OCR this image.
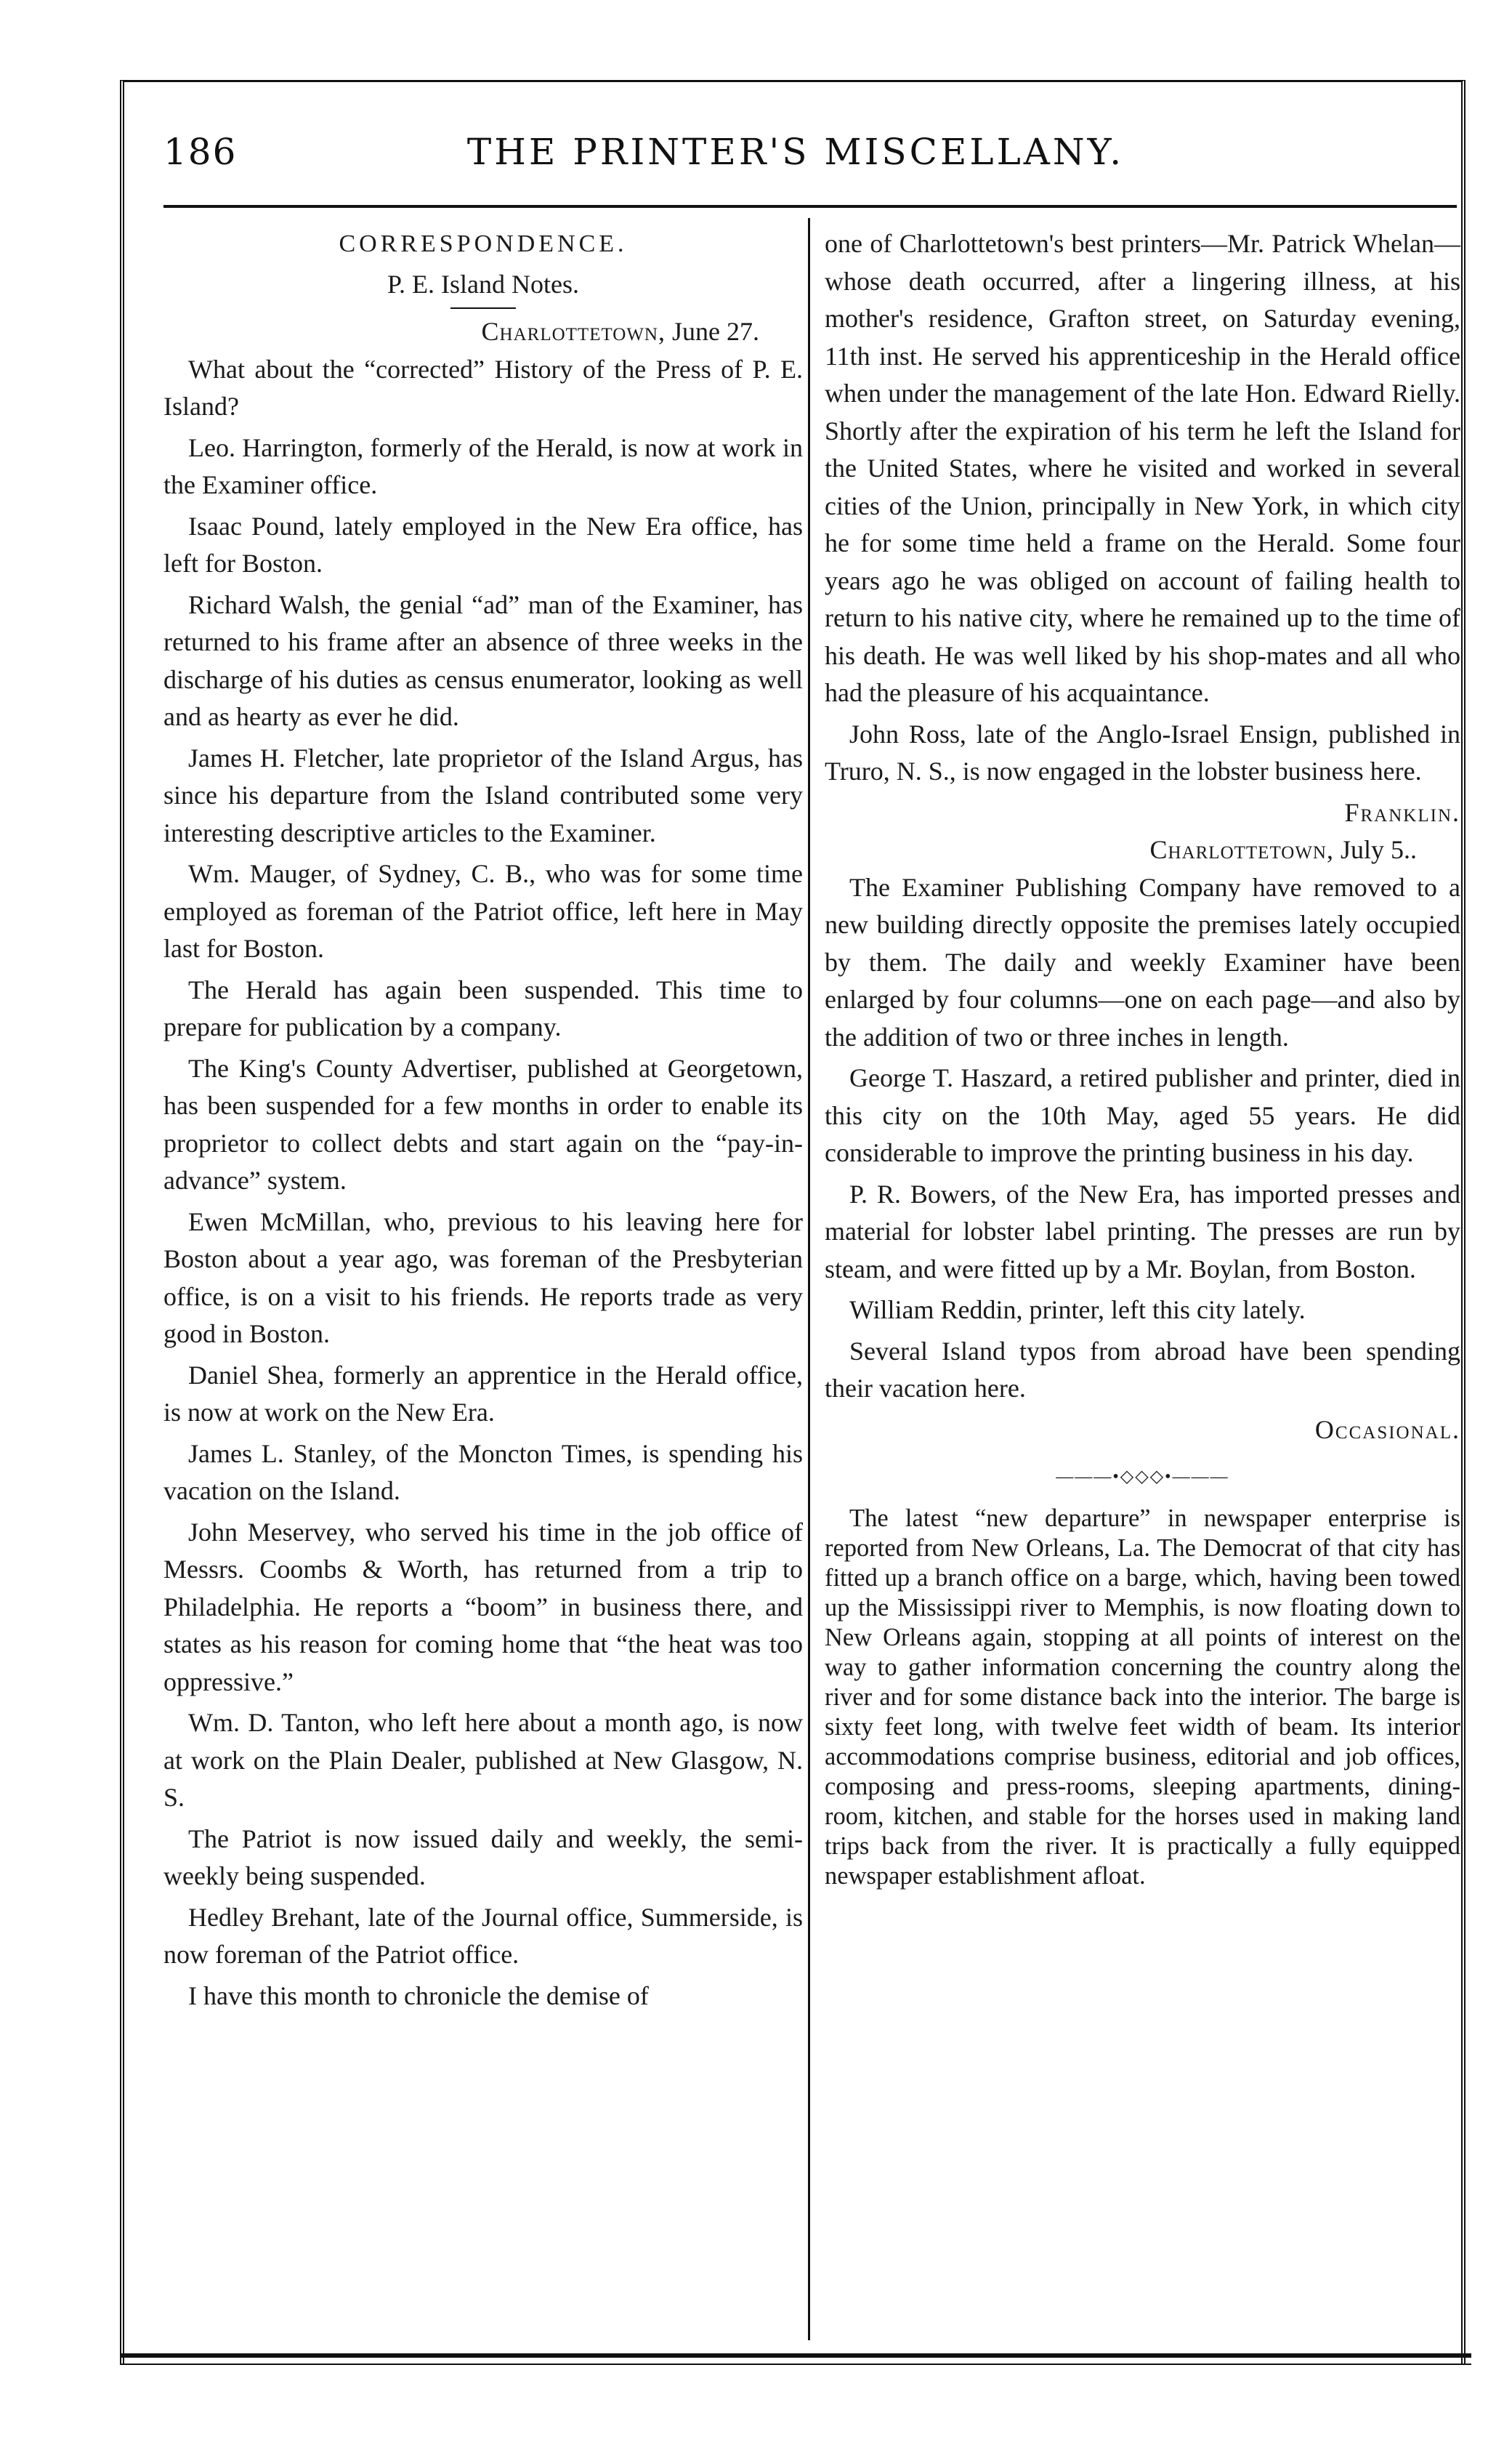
186	THE PRINTER'S MISCELLANY.
CORRESPONDENCE.
P. E. Island Notes.
Charlottetown, June 27.

What about the “corrected” History of the Press of P. E. Island?

Leo. Harrington, formerly of the Herald, is now at work in the Examiner office.

Isaac Pound, lately employed in the New Era office, has left for Boston.

Richard Walsh, the genial “ad” man of the Examiner, has returned to his frame after an absence of three weeks in the discharge of his duties as census enumerator, looking as well and as hearty as ever he did.

James H. Fletcher, late proprietor of the Island Argus, has since his departure from the Island contributed some very interesting descriptive articles to the Examiner.

Wm. Mauger, of Sydney, C. B., who was for some time employed as foreman of the Patriot office, left here in May last for Boston.

The Herald has again been suspended. This time to prepare for publication by a company.

The King's County Advertiser, published at Georgetown, has been suspended for a few months in order to enable its proprietor to collect debts and start again on the “pay-in-advance” system.

Ewen McMillan, who, previous to his leaving here for Boston about a year ago, was foreman of the Presbyterian office, is on a visit to his friends. He reports trade as very good in Boston.

Daniel Shea, formerly an apprentice in the Herald office, is now at work on the New Era.

James L. Stanley, of the Moncton Times, is spending his vacation on the Island.

John Meservey, who served his time in the job office of Messrs. Coombs & Worth, has returned from a trip to Philadelphia. He reports a “boom” in business there, and states as his reason for coming home that “the heat was too oppressive.”

Wm. D. Tanton, who left here about a month ago, is now at work on the Plain Dealer, published at New Glasgow, N. S.

The Patriot is now issued daily and weekly, the semi-weekly being suspended.

Hedley Brehant, late of the Journal office, Summerside, is now foreman of the Patriot office.

I have this month to chronicle the demise of

one of Charlottetown's best printers—Mr. Patrick Whelan—whose death occurred, after a lingering illness, at his mother's residence, Grafton street, on Saturday evening, 11th inst. He served his apprenticeship in the Herald office when under the management of the late Hon. Edward Rielly. Shortly after the expiration of his term he left the Island for the United States, where he visited and worked in several cities of the Union, principally in New York, in which city he for some time held a frame on the Herald. Some four years ago he was obliged on account of failing health to return to his native city, where he remained up to the time of his death. He was well liked by his shop-mates and all who had the pleasure of his acquaintance.

John Ross, late of the Anglo-Israel Ensign, published in Truro, N. S., is now engaged in the lobster business here.

Franklin.
Charlottetown, July 5..

The Examiner Publishing Company have removed to a new building directly opposite the premises lately occupied by them. The daily and weekly Examiner have been enlarged by four columns—one on each page—and also by the addition of two or three inches in length.

George T. Haszard, a retired publisher and printer, died in this city on the 10th May, aged 55 years. He did considerable to improve the printing business in his day.

P. R. Bowers, of the New Era, has imported presses and material for lobster label printing. The presses are run by steam, and were fitted up by a Mr. Boylan, from Boston.

William Reddin, printer, left this city lately.

Several Island typos from abroad have been spending their vacation here.

Occasional.
———•◇◇◇•———

The latest “new departure” in newspaper enterprise is reported from New Orleans, La. The Democrat of that city has fitted up a branch office on a barge, which, having been towed up the Mississippi river to Memphis, is now floating down to New Orleans again, stopping at all points of interest on the way to gather information concerning the country along the river and for some distance back into the interior. The barge is sixty feet long, with twelve feet width of beam. Its interior accommodations comprise business, editorial and job offices, composing and press-rooms, sleeping apartments, dining-room, kitchen, and stable for the horses used in making land trips back from the river. It is practically a fully equipped newspaper establishment afloat.
